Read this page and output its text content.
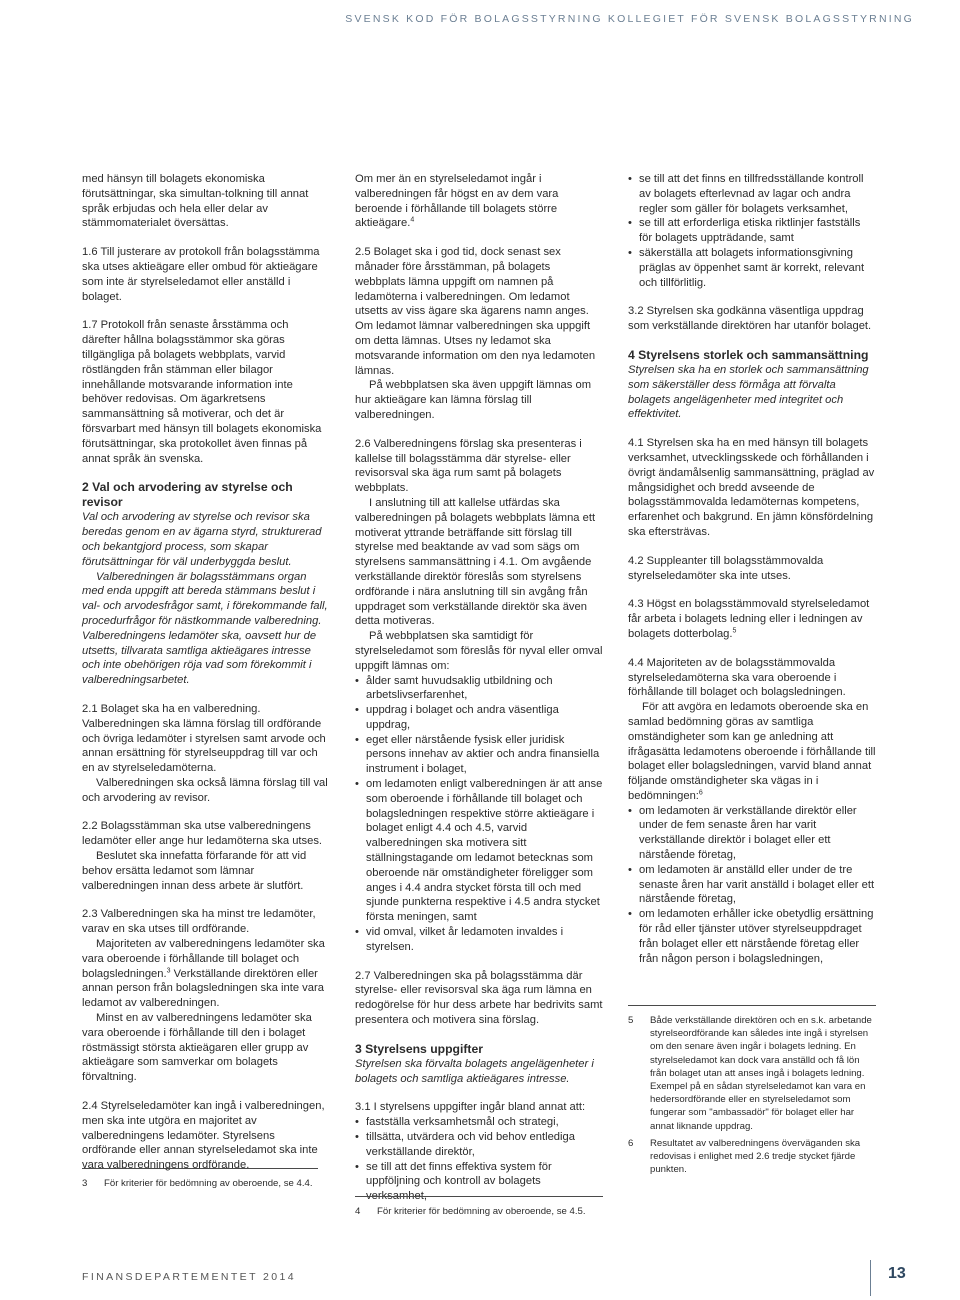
SVENSK KOD FÖR BOLAGSSTYRNING KOLLEGIET FÖR SVENSK BOLAGSSTYRNING

med hänsyn till bolagets ekonomiska förutsättningar, ska simultan-tolkning till annat språk erbjudas och hela eller delar av stämmomaterialet översättas.

1.6 Till justerare av protokoll från bolagsstämma ska utses aktieägare eller ombud för aktieägare som inte är styrelseledamot eller anställd i bolaget.

1.7 Protokoll från senaste årsstämma och därefter hållna bolagsstämmor ska göras tillgängliga på bolagets webbplats, varvid röstlängden från stämman eller bilagor innehållande motsvarande information inte behöver redovisas. Om ägarkretsens sammansättning så motiverar, och det är försvarbart med hänsyn till bolagets ekonomiska förutsättningar, ska protokollet även finnas på annat språk än svenska.

2 Val och arvodering av styrelse och revisor

Val och arvodering av styrelse och revisor ska beredas genom en av ägarna styrd, strukturerad och bekantgjord process, som skapar förutsättningar för väl underbyggda beslut.

Valberedningen är bolagsstämmans organ med enda uppgift att bereda stämmans beslut i val- och arvodesfrågor samt, i förekommande fall, procedurfrågor för nästkommande valberedning. Valberedningens ledamöter ska, oavsett hur de utsetts, tillvarata samtliga aktieägares intresse och inte obehörigen röja vad som förekommit i valberedningsarbetet.

2.1 Bolaget ska ha en valberedning.

Valberedningen ska lämna förslag till ordförande och övriga ledamöter i styrelsen samt arvode och annan ersättning för styrelseuppdrag till var och en av styrelseledamöterna.

Valberedningen ska också lämna förslag till val och arvodering av revisor.

2.2 Bolagsstämman ska utse valberedningens ledamöter eller ange hur ledamöterna ska utses.

Beslutet ska innefatta förfarande för att vid behov ersätta ledamot som lämnar valberedningen innan dess arbete är slutfört.

2.3 Valberedningen ska ha minst tre ledamöter, varav en ska utses till ordförande.

Majoriteten av valberedningens ledamöter ska vara oberoende i förhållande till bolaget och bolagsledningen.$^3$ Verkställande direktören eller annan person från bolagsledningen ska inte vara ledamot av valberedningen.

Minst en av valberedningens ledamöter ska vara oberoende i förhållande till den i bolaget röstmässigt största aktieägaren eller grupp av aktieägare som samverkar om bolagets förvaltning.

2.4 Styrelseledamöter kan ingå i valberedningen, men ska inte utgöra en majoritet av valberedningens ledamöter. Styrelsens ordförande eller annan styrelseledamot ska inte vara valberedningens ordförande.

Om mer än en styrelseledamot ingår i valberedningen får högst en av dem vara beroende i förhållande till bolagets större aktieägare.$^4$

2.5 Bolaget ska i god tid, dock senast sex månader före årsstämman, på bolagets webbplats lämna uppgift om namnen på ledamöterna i valberedningen. Om ledamot utsetts av viss ägare ska ägarens namn anges. Om ledamot lämnar valberedningen ska uppgift om detta lämnas. Utses ny ledamot ska motsvarande information om den nya ledamoten lämnas.

På webbplatsen ska även uppgift lämnas om hur aktieägare kan lämna förslag till valberedningen.

2.6 Valberedningens förslag ska presenteras i kallelse till bolagsstämma där styrelse- eller revisorsval ska äga rum samt på bolagets webbplats.

I anslutning till att kallelse utfärdas ska valberedningen på bolagets webbplats lämna ett motiverat yttrande beträffande sitt förslag till styrelse med beaktande av vad som sägs om styrelsens sammansättning i 4.1. Om avgående verkställande direktör föreslås som styrelsens ordförande i nära anslutning till sin avgång från uppdraget som verkställande direktör ska även detta motiveras.

På webbplatsen ska samtidigt för styrelseledamot som föreslås för nyval eller omval uppgift lämnas om:

• ålder samt huvudsaklig utbildning och arbetslivserfarenhet,
• uppdrag i bolaget och andra väsentliga uppdrag,
• eget eller närstående fysisk eller juridisk persons innehav av aktier och andra finansiella instrument i bolaget,
• om ledamoten enligt valberedningen är att anse som oberoende i förhållande till bolaget och bolagsledningen respektive större aktieägare i bolaget enligt 4.4 och 4.5, varvid valberedningen ska motivera sitt ställningstagande om ledamot betecknas som oberoende när omständigheter föreligger som anges i 4.4 andra stycket första till och med sjunde punkterna respektive i 4.5 andra stycket första meningen, samt
• vid omval, vilket år ledamoten invaldes i styrelsen.

2.7 Valberedningen ska på bolagsstämma där styrelse- eller revisorsval ska äga rum lämna en redogörelse för hur dess arbete har bedrivits samt presentera och motivera sina förslag.

3 Styrelsens uppgifter

Styrelsen ska förvalta bolagets angelägenheter i bolagets och samtliga aktieägares intresse.

3.1 I styrelsens uppgifter ingår bland annat att:

• fastställa verksamhetsmål och strategi,
• tillsätta, utvärdera och vid behov entlediga verkställande direktör,
• se till att det finns effektiva system för uppföljning och kontroll av bolagets verksamhet,
• se till att det finns en tillfredsställande kontroll av bolagets efterlevnad av lagar och andra regler som gäller för bolagets verksamhet,
• se till att erforderliga etiska riktlinjer fastställs för bolagets uppträdande, samt
• säkerställa att bolagets informationsgivning präglas av öppenhet samt är korrekt, relevant och tillförlitlig.

3.2 Styrelsen ska godkänna väsentliga uppdrag som verkställande direktören har utanför bolaget.

4 Styrelsens storlek och sammansättning

Styrelsen ska ha en storlek och sammansättning som säkerställer dess förmåga att förvalta bolagets angelägenheter med integritet och effektivitet.

4.1 Styrelsen ska ha en med hänsyn till bolagets verksamhet, utvecklingsskede och förhållanden i övrigt ändamålsenlig sammansättning, präglad av mångsidighet och bredd avseende de bolagsstämmovalda ledamöternas kompetens, erfarenhet och bakgrund. En jämn könsfördelning ska eftersträvas.

4.2 Suppleanter till bolagsstämmovalda styrelseledamöter ska inte utses.

4.3 Högst en bolagsstämmovald styrelseledamot får arbeta i bolagets ledning eller i ledningen av bolagets dotterbolag.$^5$

4.4 Majoriteten av de bolagsstämmovalda styrelseledamöterna ska vara oberoende i förhållande till bolaget och bolagsledningen.

För att avgöra en ledamots oberoende ska en samlad bedömning göras av samtliga omständigheter som kan ge anledning att ifrågasätta ledamotens oberoende i förhållande till bolaget eller bolagsledningen, varvid bland annat följande omständigheter ska vägas in i bedömningen:$^6$

• om ledamoten är verkställande direktör eller under de fem senaste åren har varit verkställande direktör i bolaget eller ett närstående företag,
• om ledamoten är anställd eller under de tre senaste åren har varit anställd i bolaget eller ett närstående företag,
• om ledamoten erhåller icke obetydlig ersättning för råd eller tjänster utöver styrelseuppdraget från bolaget eller ett närstående företag eller från någon person i bolagsledningen,
3	För kriterier för bedömning av oberoende, se 4.4.
4	För kriterier för bedömning av oberoende, se 4.5.
5	Både verkställande direktören och en s.k. arbetande styrelseordförande kan således inte ingå i styrelsen om den senare även ingår i bolagets ledning. En styrelseledamot kan dock vara anställd och få lön från bolaget utan att anses ingå i bolagets ledning. Exempel på en sådan styrelseledamot kan vara en hedersordförande eller en styrelseledamot som fungerar som "ambassadör" för bolaget eller har annat liknande uppdrag.
6	Resultatet av valberedningens överväganden ska redovisas i enlighet med 2.6 tredje stycket fjärde punkten.
FINANSDEPARTEMENTET 2014	13
